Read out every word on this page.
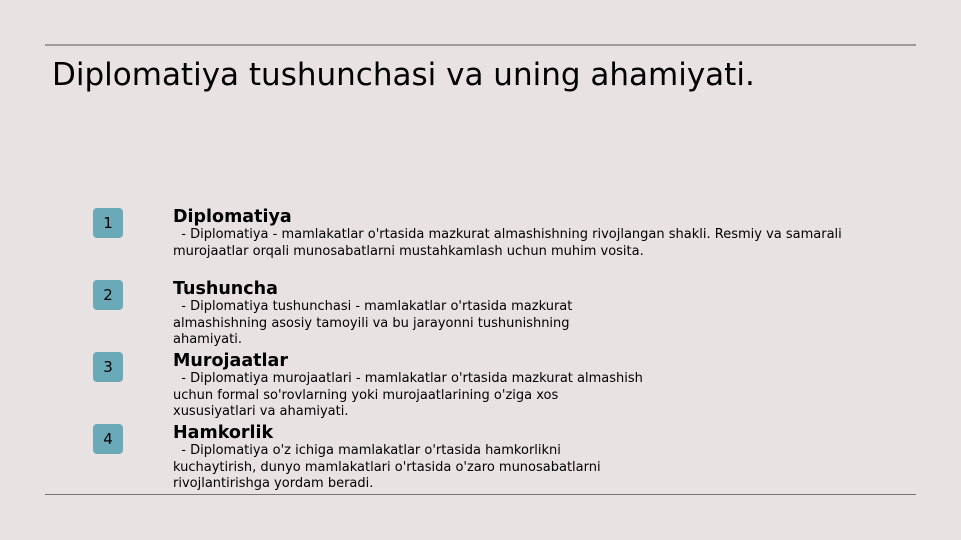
Diplomatiya tushunchasi va uning ahamiyati.
1	Diplomatiya
- Diplomatiya - mamlakatlar o'rtasida mazkurat almashishning rivojlangan shakli. Resmiy va samarali murojaatlar orqali munosabatlarni mustahkamlash uchun muhim vosita.
2	Tushuncha
- Diplomatiya tushunchasi - mamlakatlar o'rtasida mazkurat almashishning asosiy tamoyili va bu jarayonni tushunishning ahamiyati.
3	Murojaatlar
- Diplomatiya murojaatlari - mamlakatlar o'rtasida mazkurat almashish uchun formal so'rovlarning yoki murojaatlarining o'ziga xos xususiyatlari va ahamiyati.
4	Hamkorlik
- Diplomatiya o'z ichiga mamlakatlar o'rtasida hamkorlikni kuchaytirish, dunyo mamlakatlari o'rtasida o'zaro munosabatlarni rivojlantirishga yordam beradi.
